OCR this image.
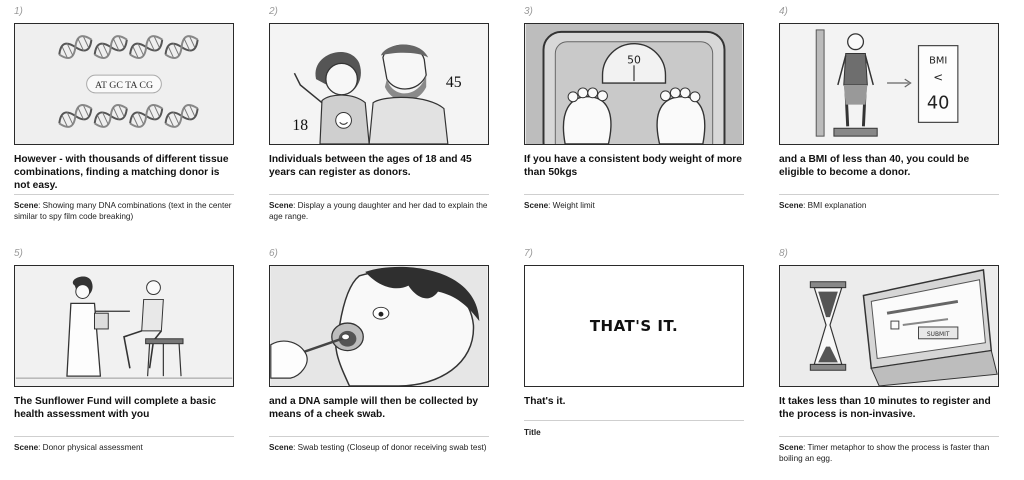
1)
AT GC TA CG
However - with thousands of different tissue combinations, finding a matching donor is not easy.
Scene: Showing many DNA combinations (text in the center similar to spy film code breaking)
2)
18
45
Individuals between the ages of 18 and 45 years can register as donors.
Scene: Display a young daughter and her dad to explain the age range.
3)
50
If you have a consistent body weight of more than 50kgs
Scene: Weight limit
4)
BMI
<
40
and a BMI of less than 40, you could be eligible to become a donor.
Scene: BMI explanation
5)
The Sunflower Fund will complete a basic health assessment with you
Scene: Donor physical assessment
6)
and a DNA sample will then be collected by means of a cheek swab.
Scene: Swab testing (Closeup of donor receiving swab test)
7)
THAT'S IT.
That's it.
Title
8)
SUBMIT
It takes less than 10 minutes to register and the process is non-invasive.
Scene: Timer metaphor to show the process is faster than boiling an egg.
